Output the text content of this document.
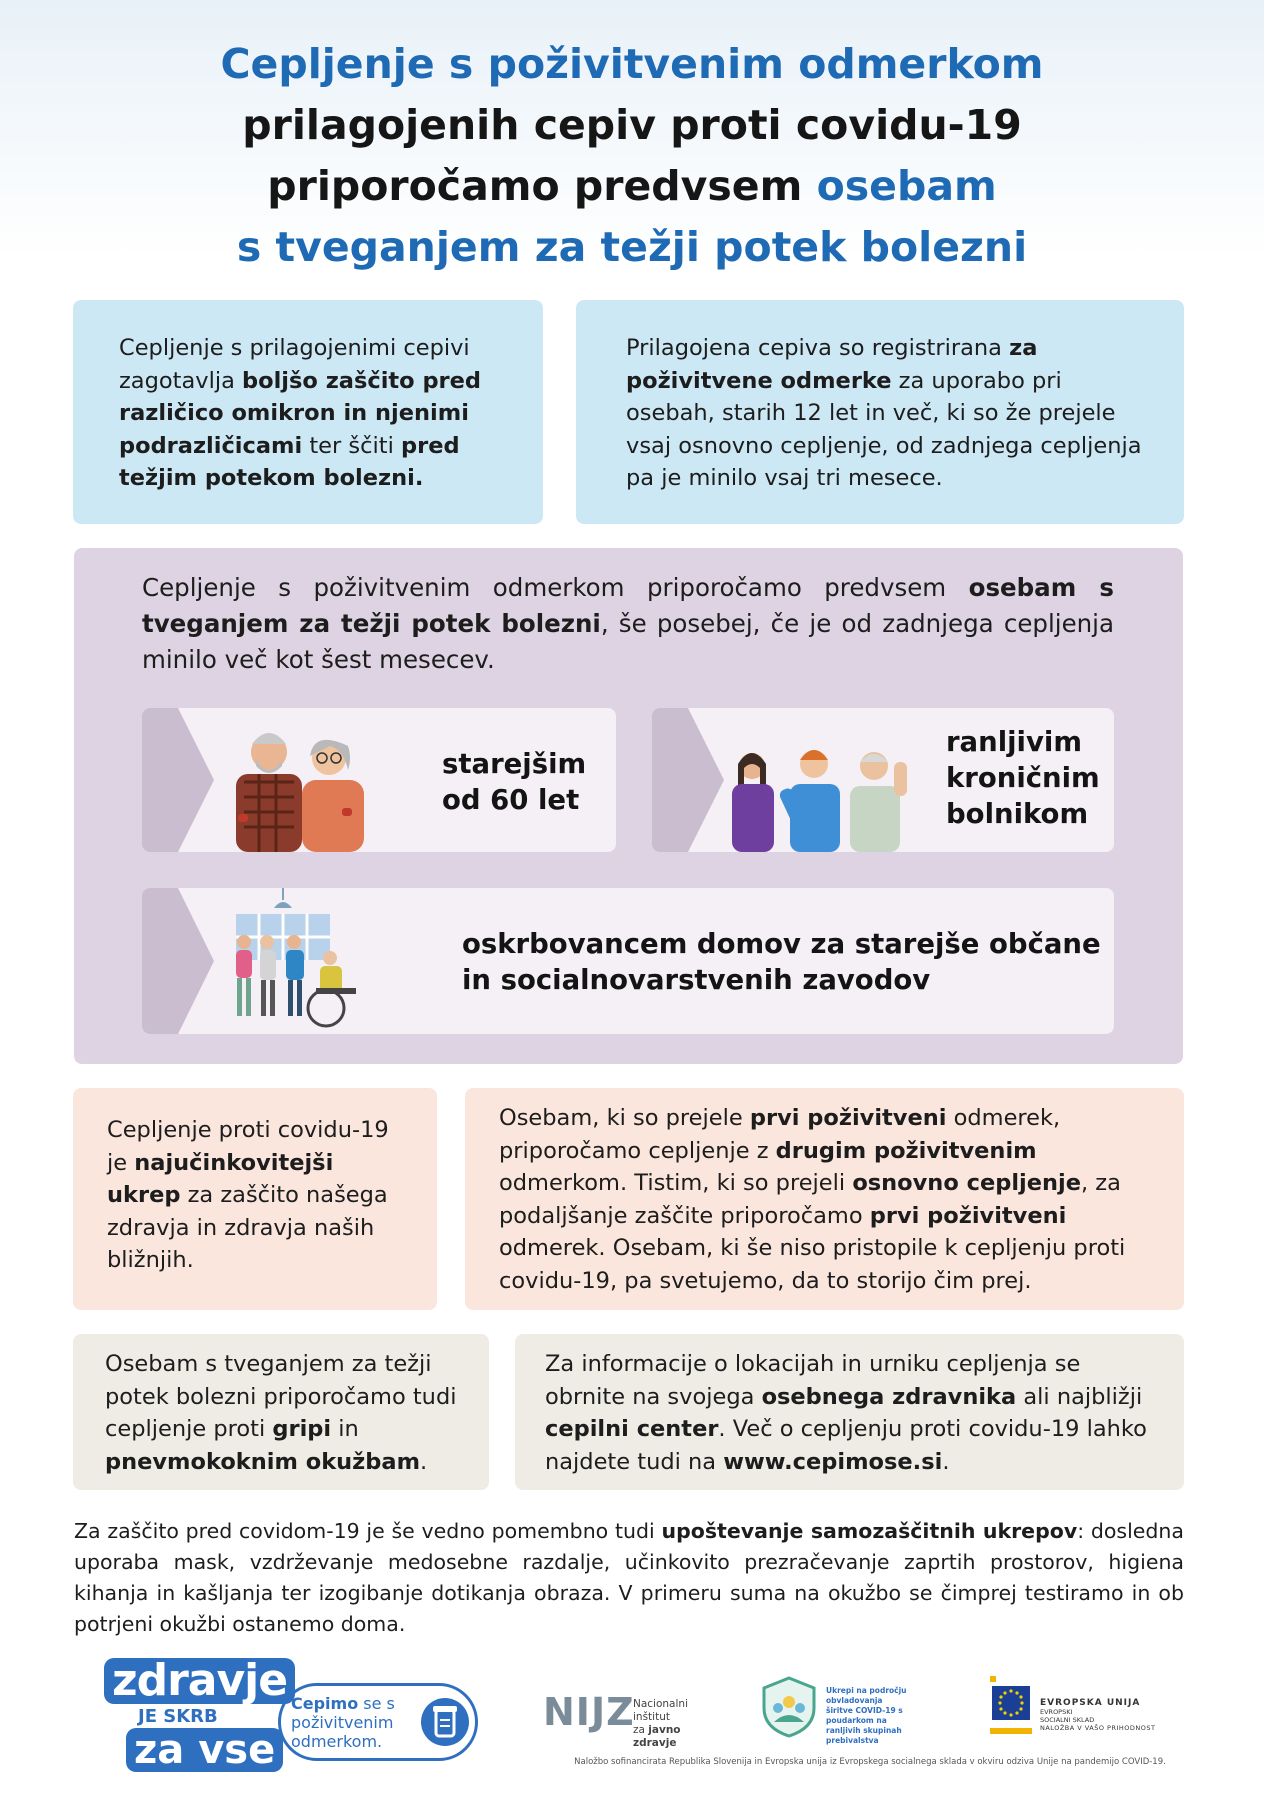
Cepljenje s poživitvenim odmerkom
prilagojenih cepiv proti covidu-19
priporočamo predvsem osebam
s tveganjem za težji potek bolezni
Cepljenje s prilagojenimi cepivi zagotavlja boljšo zaščito pred različico omikron in njenimi podrazličicami ter ščiti pred težjim potekom bolezni.
Prilagojena cepiva so registrirana za poživitvene odmerke za uporabo pri osebah, starih 12 let in več, ki so že prejele vsaj osnovno cepljenje, od zadnjega cepljenja pa je minilo vsaj tri mesece.
Cepljenje s poživitvenim odmerkom priporočamo predvsem osebam s tveganjem za težji potek bolezni, še posebej, če je od zadnjega cepljenja minilo več kot šest mesecev.
starejšim
od 60 let
ranljivim
kroničnim
bolnikom
oskrbovancem domov za starejše občane
in socialnovarstvenih zavodov
Cepljenje proti covidu-19 je najučinkovitejši ukrep za zaščito našega zdravja in zdravja naših bližnjih.
Osebam, ki so prejele prvi poživitveni odmerek, priporočamo cepljenje z drugim poživitvenim odmerkom. Tistim, ki so prejeli osnovno cepljenje, za podaljšanje zaščite priporočamo prvi poživitveni odmerek. Osebam, ki še niso pristopile k cepljenju proti covidu-19, pa svetujemo, da to storijo čim prej.
Osebam s tveganjem za težji potek bolezni priporočamo tudi cepljenje proti gripi in pnevmokoknim okužbam.
Za informacije o lokacijah in urniku cepljenja se obrnite na svojega osebnega zdravnika ali najbližji cepilni center. Več o cepljenju proti covidu-19 lahko najdete tudi na www.cepimose.si.
Za zaščito pred covidom-19 je še vedno pomembno tudi upoštevanje samozaščitnih ukrepov: dosledna uporaba mask, vzdrževanje medosebne razdalje, učinkovito prezračevanje zaprtih prostorov, higiena kihanja in kašljanja ter izogibanje dotikanja obraza. V primeru suma na okužbo se čimprej testiramo in ob potrjeni okužbi ostanemo doma.
zdravje
JE SKRB
za vse
Cepimo se s
poživitvenim
odmerkom.
NIJZ
Nacionalni inštitut
za javno zdravje
Ukrepi na področju obvladovanja
širitve COVID-19 s poudarkom na
ranljivih skupinah prebivalstva
EVROPSKA UNIJA
EVROPSKI
SOCIALNI SKLAD
NALOŽBA V VAŠO PRIHODNOST
Naložbo sofinancirata Republika Slovenija in Evropska unija iz Evropskega socialnega sklada v okviru odziva Unije na pandemijo COVID-19.
